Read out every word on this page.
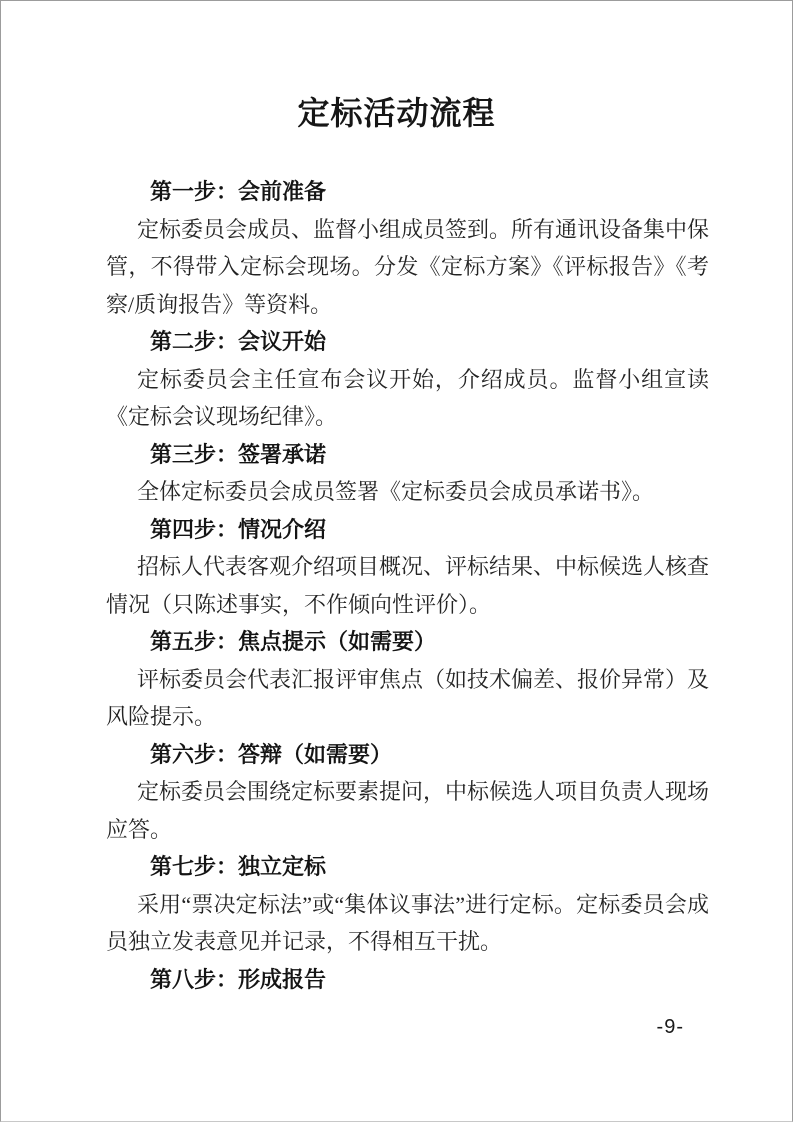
定标活动流程

第一步：会前准备

定标委员会成员、监督小组成员签到。所有通讯设备集中保管，不得带入定标会现场。分发《定标方案》《评标报告》《考察/质询报告》等资料。

第二步：会议开始

定标委员会主任宣布会议开始，介绍成员。监督小组宣读《定标会议现场纪律》。

第三步：签署承诺

全体定标委员会成员签署《定标委员会成员承诺书》。

第四步：情况介绍

招标人代表客观介绍项目概况、评标结果、中标候选人核查情况（只陈述事实，不作倾向性评价）。

第五步：焦点提示（如需要）

评标委员会代表汇报评审焦点（如技术偏差、报价异常）及风险提示。

第六步：答辩（如需要）

定标委员会围绕定标要素提问，中标候选人项目负责人现场应答。

第七步：独立定标

采用“票决定标法”或“集体议事法”进行定标。定标委员会成员独立发表意见并记录，不得相互干扰。

第八步：形成报告

-9-
